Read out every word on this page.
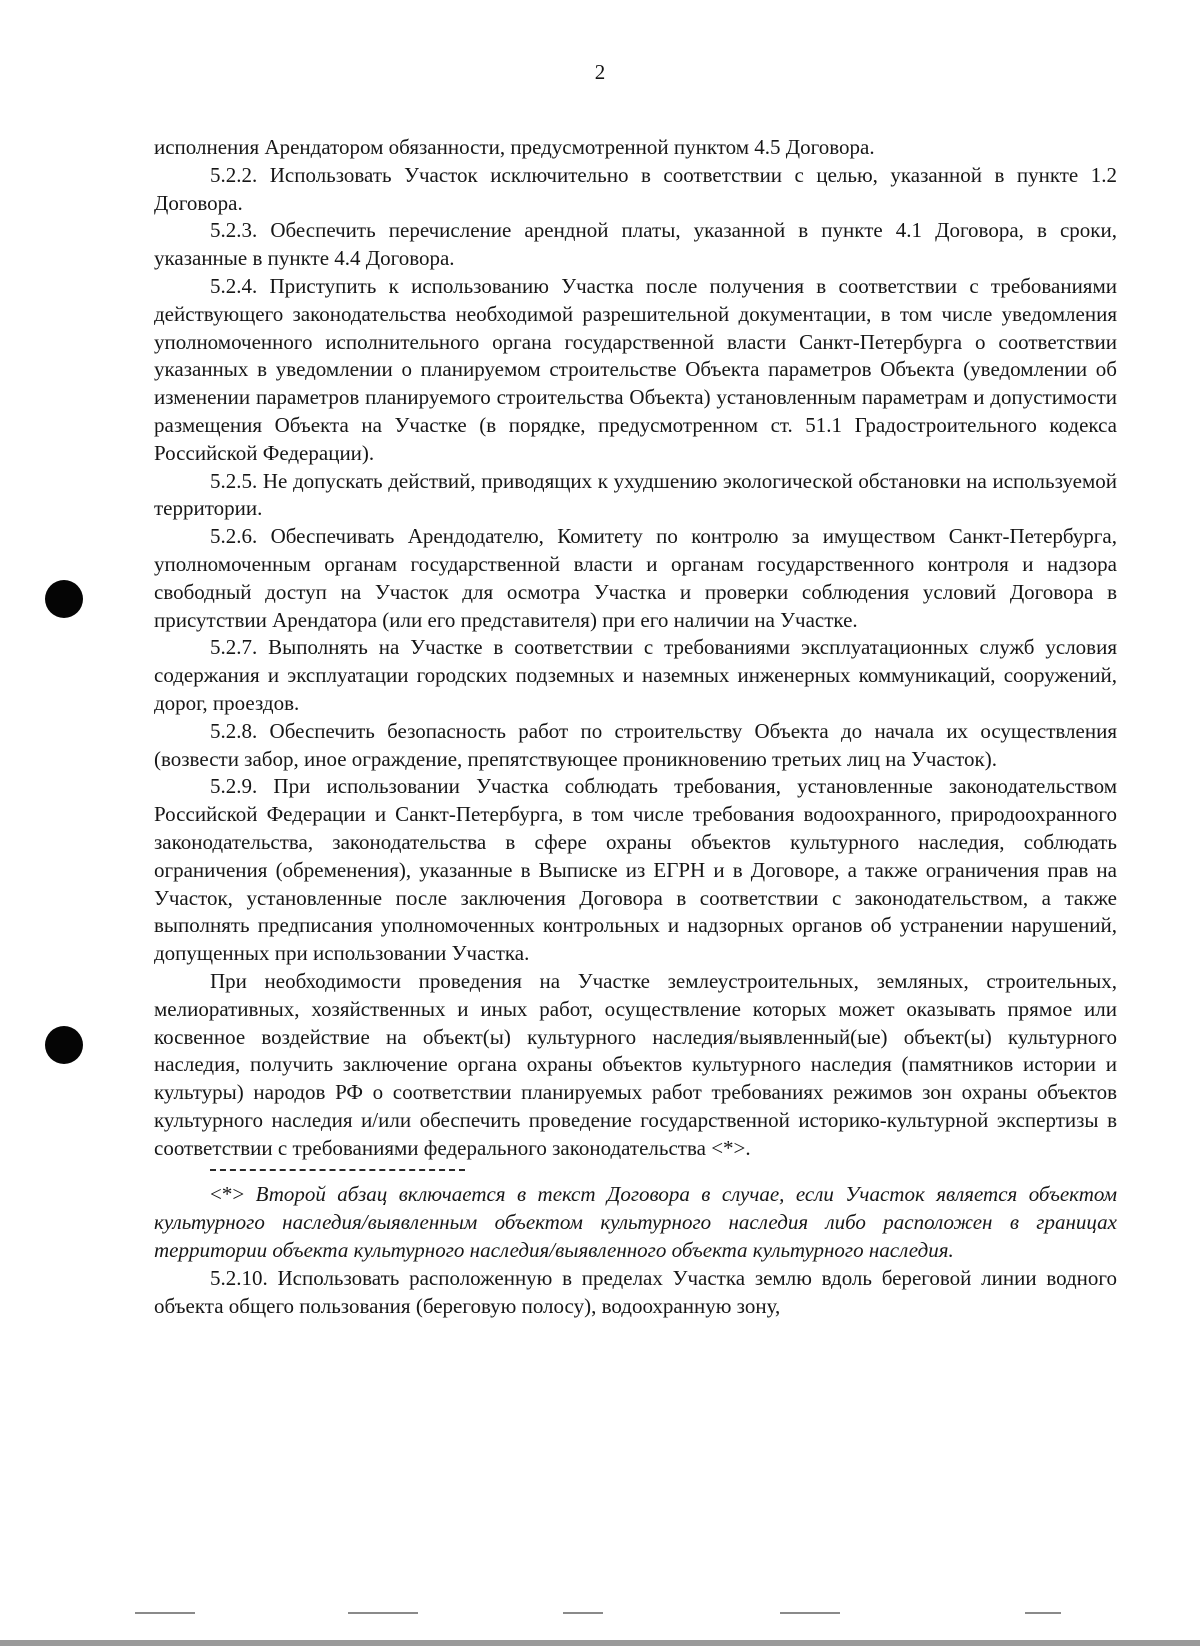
2

исполнения Арендатором обязанности, предусмотренной пунктом 4.5 Договора.

5.2.2. Использовать Участок исключительно в соответствии с целью, указанной в пункте 1.2 Договора.

5.2.3. Обеспечить перечисление арендной платы, указанной в пункте 4.1 Договора, в сроки, указанные в пункте 4.4 Договора.

5.2.4. Приступить к использованию Участка после получения в соответствии с требованиями действующего законодательства необходимой разрешительной документации, в том числе уведомления уполномоченного исполнительного органа государственной власти Санкт-Петербурга о соответствии указанных в уведомлении о планируемом строительстве Объекта параметров Объекта (уведомлении об изменении параметров планируемого строительства Объекта) установленным параметрам и допустимости размещения Объекта на Участке (в порядке, предусмотренном ст. 51.1 Градостроительного кодекса Российской Федерации).

5.2.5. Не допускать действий, приводящих к ухудшению экологической обстановки на используемой территории.

5.2.6. Обеспечивать Арендодателю, Комитету по контролю за имуществом Санкт-Петербурга, уполномоченным органам государственной власти и органам государственного контроля и надзора свободный доступ на Участок для осмотра Участка и проверки соблюдения условий Договора в присутствии Арендатора (или его представителя) при его наличии на Участке.

5.2.7. Выполнять на Участке в соответствии с требованиями эксплуатационных служб условия содержания и эксплуатации городских подземных и наземных инженерных коммуникаций, сооружений, дорог, проездов.

5.2.8. Обеспечить безопасность работ по строительству Объекта до начала их осуществления (возвести забор, иное ограждение, препятствующее проникновению третьих лиц на Участок).

5.2.9. При использовании Участка соблюдать требования, установленные законодательством Российской Федерации и Санкт-Петербурга, в том числе требования водоохранного, природоохранного законодательства, законодательства в сфере охраны объектов культурного наследия, соблюдать ограничения (обременения), указанные в Выписке из ЕГРН и в Договоре, а также ограничения прав на Участок, установленные после заключения Договора в соответствии с законодательством, а также выполнять предписания уполномоченных контрольных и надзорных органов об устранении нарушений, допущенных при использовании Участка.

При необходимости проведения на Участке землеустроительных, земляных, строительных, мелиоративных, хозяйственных и иных работ, осуществление которых может оказывать прямое или косвенное воздействие на объект(ы) культурного наследия/выявленный(ые) объект(ы) культурного наследия, получить заключение органа охраны объектов культурного наследия (памятников истории и культуры) народов РФ о соответствии планируемых работ требованиях режимов зон охраны объектов культурного наследия и/или обеспечить проведение государственной историко-культурной экспертизы в соответствии с требованиями федерального законодательства <*>.

<*> Второй абзац включается в текст Договора в случае, если Участок является объектом культурного наследия/выявленным объектом культурного наследия либо расположен в границах территории объекта культурного наследия/выявленного объекта культурного наследия.

5.2.10. Использовать расположенную в пределах Участка землю вдоль береговой линии водного объекта общего пользования (береговую полосу), водоохранную зону,
